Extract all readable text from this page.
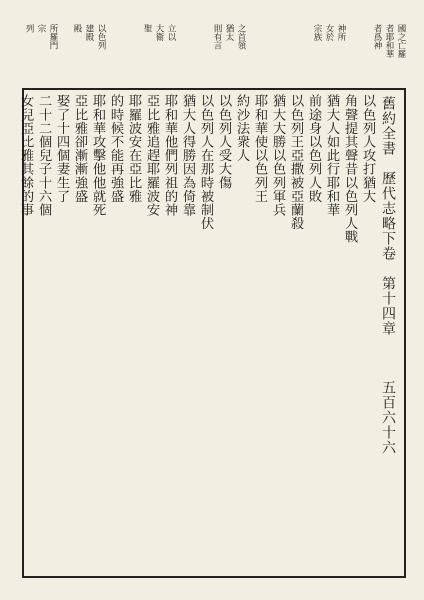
國之亡羅
者耶和華
者爲神
神所
女於
宗族
之首領
猶太
則有言
立以
大衛
聖
以色列
建殿
殿
所羅門
宗
列
舊約全書　歷代志略下卷　第十四章
五百六十六
以色列人攻打猶大
角聲提其聲昔以色列人戰
猶大人如此行耶和華
前途身以色列人敗
以色列王亞撒被亞蘭殺
猶大大勝以色列軍兵
耶和華使以色列王
約沙法衆人
以色列人受大傷
以色列人在那時被制伏
猶大人得勝因為倚靠
耶和華他們列祖的神
亞比雅追趕耶羅波安
耶羅波安在亞比雅
的時候不能再強盛
耶和華攻擊他他就死
亞比雅卻漸漸強盛
娶了十四個妻生了
二十二個兒子十六個
女兒亞比雅其餘的事
